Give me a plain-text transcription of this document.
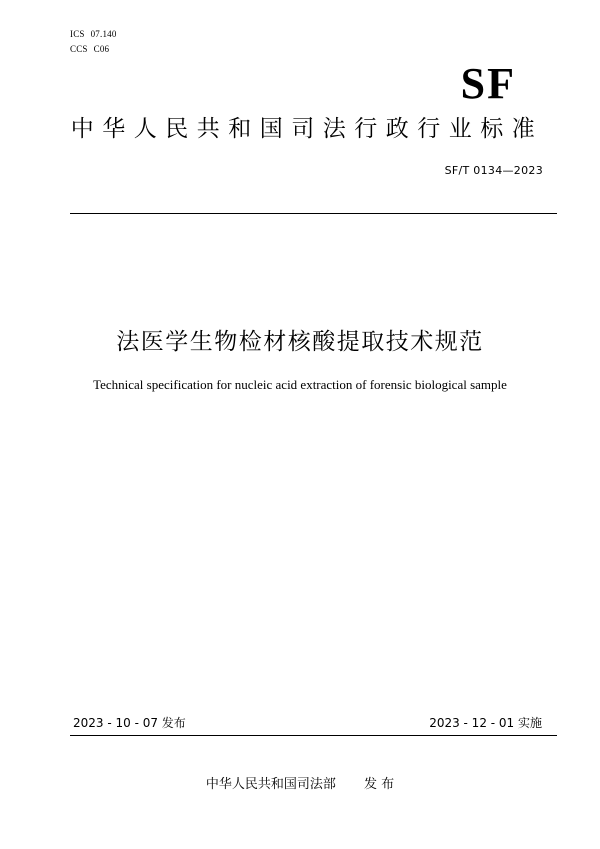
ICS 07.140
CCS C06
SF
中华人民共和国司法行政行业标准
SF/T 0134—2023
法医学生物检材核酸提取技术规范
Technical specification for nucleic acid extraction of forensic biological sample
2023 - 10 - 07 发布	2023 - 12 - 01 实施
中华人民共和国司法部 发 布
